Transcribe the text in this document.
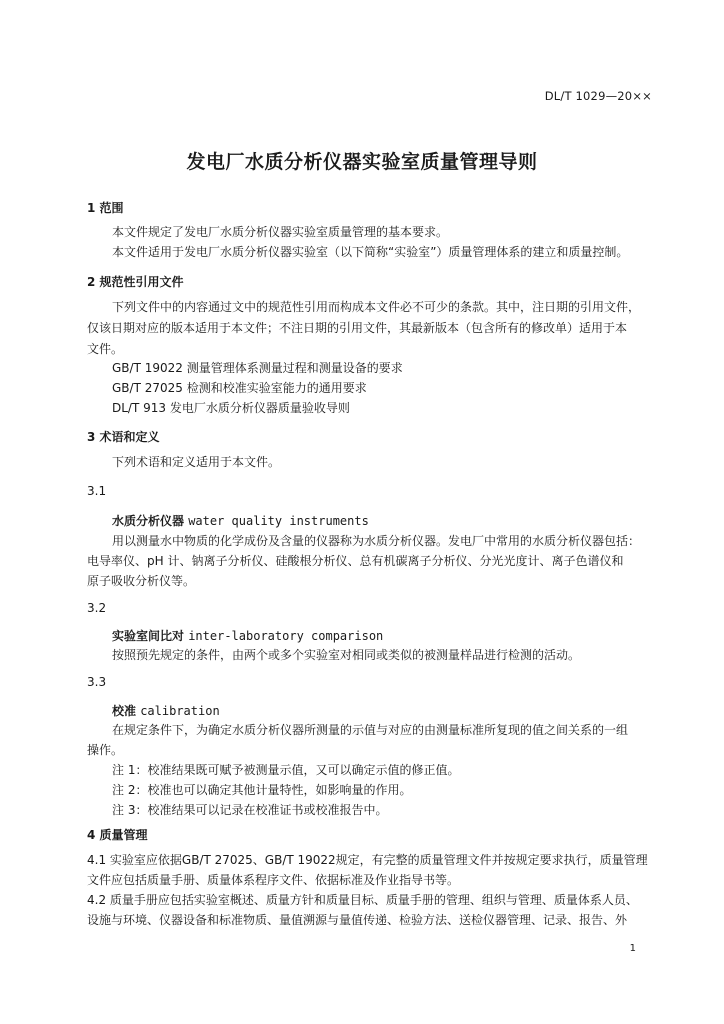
DL/T 1029—20××
发电厂水质分析仪器实验室质量管理导则
1 范围
本文件规定了发电厂水质分析仪器实验室质量管理的基本要求。
本文件适用于发电厂水质分析仪器实验室（以下简称“实验室”）质量管理体系的建立和质量控制。
2 规范性引用文件
下列文件中的内容通过文中的规范性引用而构成本文件必不可少的条款。其中，注日期的引用文件，
仅该日期对应的版本适用于本文件；不注日期的引用文件，其最新版本（包含所有的修改单）适用于本
文件。
GB/T 19022 测量管理体系测量过程和测量设备的要求
GB/T 27025 检测和校准实验室能力的通用要求
DL/T 913 发电厂水质分析仪器质量验收导则
3 术语和定义
下列术语和定义适用于本文件。
3.1
水质分析仪器 water quality instruments
用以测量水中物质的化学成份及含量的仪器称为水质分析仪器。发电厂中常用的水质分析仪器包括：
电导率仪、pH 计、钠离子分析仪、硅酸根分析仪、总有机碳离子分析仪、分光光度计、离子色谱仪和
原子吸收分析仪等。
3.2
实验室间比对 inter-laboratory comparison
按照预先规定的条件，由两个或多个实验室对相同或类似的被测量样品进行检测的活动。
3.3
校准 calibration
在规定条件下，为确定水质分析仪器所测量的示值与对应的由测量标准所复现的值之间关系的一组
操作。
注 1：校准结果既可赋予被测量示值，又可以确定示值的修正值。
注 2：校准也可以确定其他计量特性，如影响量的作用。
注 3：校准结果可以记录在校准证书或校准报告中。
4 质量管理
4.1 实验室应依据GB/T 27025、GB/T 19022规定，有完整的质量管理文件并按规定要求执行，质量管理
文件应包括质量手册、质量体系程序文件、依据标准及作业指导书等。
4.2 质量手册应包括实验室概述、质量方针和质量目标、质量手册的管理、组织与管理、质量体系人员、
设施与环境、仪器设备和标准物质、量值溯源与量值传递、检验方法、送检仪器管理、记录、报告、外
1
